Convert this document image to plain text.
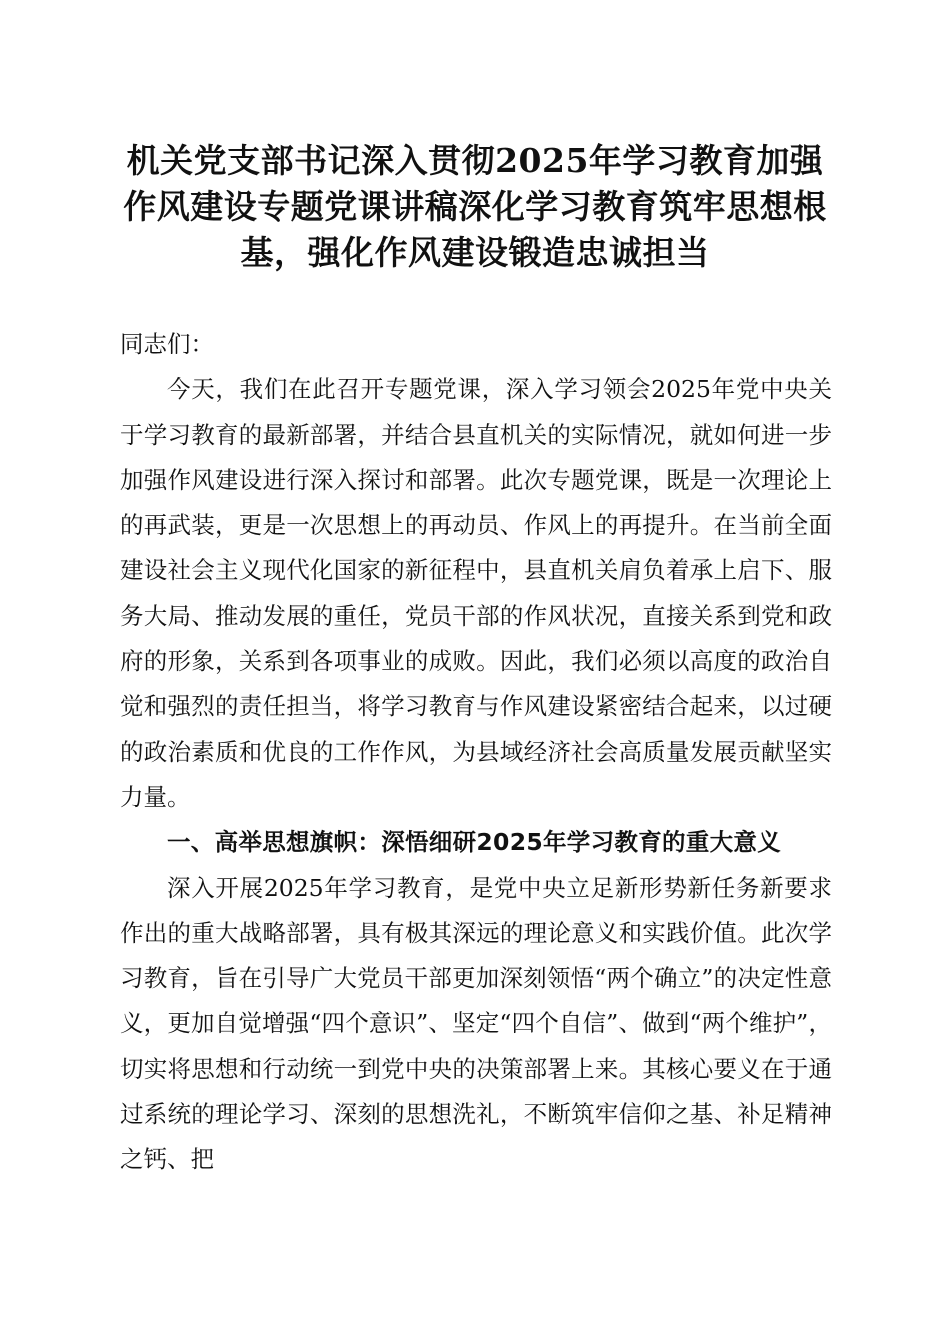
机关党支部书记深入贯彻2025年学习教育加强作风建设专题党课讲稿深化学习教育筑牢思想根基，强化作风建设锻造忠诚担当

同志们：

今天，我们在此召开专题党课，深入学习领会2025年党中央关于学习教育的最新部署，并结合县直机关的实际情况，就如何进一步加强作风建设进行深入探讨和部署。此次专题党课，既是一次理论上的再武装，更是一次思想上的再动员、作风上的再提升。在当前全面建设社会主义现代化国家的新征程中，县直机关肩负着承上启下、服务大局、推动发展的重任，党员干部的作风状况，直接关系到党和政府的形象，关系到各项事业的成败。因此，我们必须以高度的政治自觉和强烈的责任担当，将学习教育与作风建设紧密结合起来，以过硬的政治素质和优良的工作作风，为县域经济社会高质量发展贡献坚实力量。

一、高举思想旗帜：深悟细研2025年学习教育的重大意义

深入开展2025年学习教育，是党中央立足新形势新任务新要求作出的重大战略部署，具有极其深远的理论意义和实践价值。此次学习教育，旨在引导广大党员干部更加深刻领悟“两个确立”的决定性意义，更加自觉增强“四个意识”、坚定“四个自信”、做到“两个维护”，切实将思想和行动统一到党中央的决策部署上来。其核心要义在于通过系统的理论学习、深刻的思想洗礼，不断筑牢信仰之基、补足精神之钙、把
